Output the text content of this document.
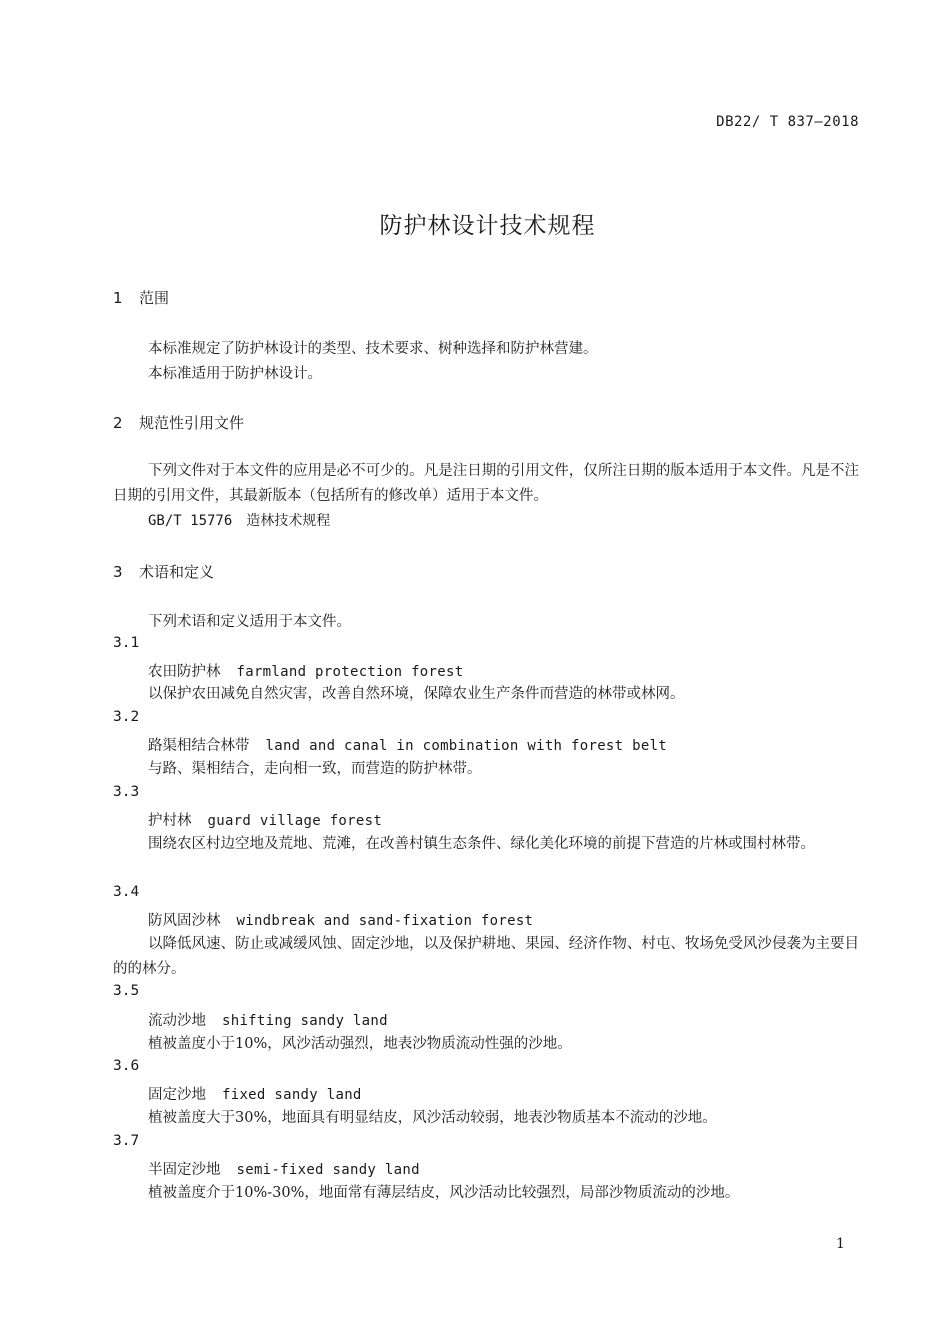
DB22/ T 837—2018
防护林设计技术规程
1 范围
本标准规定了防护林设计的类型、技术要求、树种选择和防护林营建。
本标准适用于防护林设计。
2 规范性引用文件

下列文件对于本文件的应用是必不可少的。凡是注日期的引用文件，仅所注日期的版本适用于本文件。凡是不注日期的引用文件，其最新版本（包括所有的修改单）适用于本文件。

GB/T 15776　造林技术规程
3 术语和定义
下列术语和定义适用于本文件。
3.1
农田防护林 farmland protection forest

以保护农田减免自然灾害，改善自然环境，保障农业生产条件而营造的林带或林网。

3.2
路渠相结合林带 land and canal in combination with forest belt

与路、渠相结合，走向相一致，而营造的防护林带。

3.3
护村林 guard village forest

围绕农区村边空地及荒地、荒滩，在改善村镇生态条件、绿化美化环境的前提下营造的片林或围村林带。

3.4
防风固沙林 windbreak and sand-fixation forest

以降低风速、防止或减缓风蚀、固定沙地，以及保护耕地、果园、经济作物、村屯、牧场免受风沙侵袭为主要目的的林分。

3.5
流动沙地 shifting sandy land

植被盖度小于10%，风沙活动强烈，地表沙物质流动性强的沙地。

3.6
固定沙地 fixed sandy land

植被盖度大于30%，地面具有明显结皮，风沙活动较弱，地表沙物质基本不流动的沙地。

3.7
半固定沙地 semi-fixed sandy land

植被盖度介于10%-30%，地面常有薄层结皮，风沙活动比较强烈，局部沙物质流动的沙地。

1
